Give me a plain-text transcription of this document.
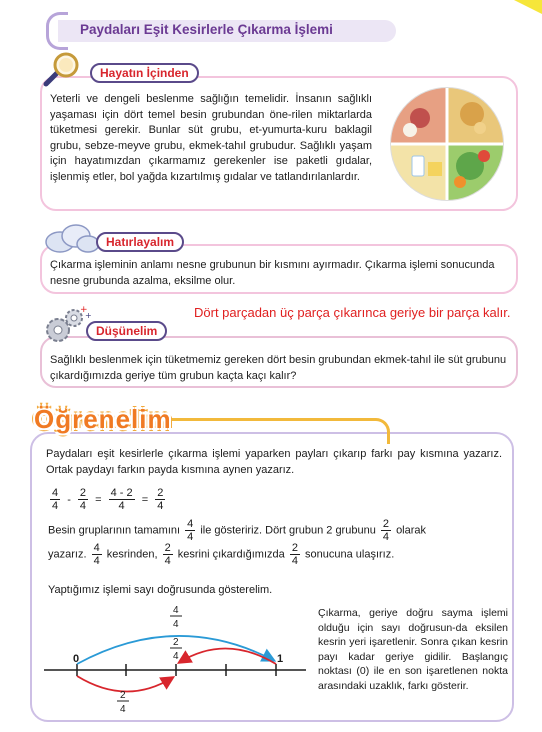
Paydaları Eşit Kesirlerle Çıkarma İşlemi
Hayatın İçinden
Yeterli ve dengeli beslenme sağlığın temelidir. İnsanın sağlıklı yaşaması için dört temel besin grubundan öne-rilen miktarlarda tüketmesi gerekir. Bunlar süt grubu, et-yumurta-kuru baklagil grubu, sebze-meyve grubu, ekmek-tahıl grubudur. Sağlıklı yaşam için hayatımızdan çıkarmamız gerekenler ise paketli gıdalar, işlenmiş etler, bol yağda kızartılmış gıdalar ve tatlandırılanlardır.
Hatırlayalım
Çıkarma işleminin anlamı nesne grubunun bir kısmını ayırmadır. Çıkarma işlemi sonucunda nesne grubunda azalma, eksilme olur.
+
+
Düşünelim
Dört parçadan üç parça çıkarınca geriye bir parça kalır.
Sağlıklı beslenmek için tüketmemiz gereken dört besin grubundan ekmek-tahıl ile süt grubunu çıkardığımızda geriye tüm grubun kaçta kaçı kalır?
Öğrenelim
Paydaları eşit kesirlerle çıkarma işlemi yaparken payları çıkarıp farkı pay kısmına yazarız. Ortak paydayı farkın payda kısmına aynen yazarız.
$\frac{4}{4} - \frac{2}{4} = \frac{4 - 2}{4} = \frac{2}{4}$
Besin gruplarının tamamını $\frac{4}{4}$ ile gösteririz. Dört grubun 2 grubunu $\frac{2}{4}$ olarak
yazarız. $\frac{4}{4}$ kesrinden, $\frac{2}{4}$ kesrini çıkardığımızda $\frac{2}{4}$ sonucuna ulaşırız.
Yaptığımız işlemi sayı doğrusunda gösterelim.
0	1
4
4
2
4
2
4
Çıkarma, geriye doğru sayma işlemi olduğu için sayı doğrusun-da eksilen kesrin yeri işaretlenir. Sonra çıkan kesrin payı kadar geriye gidilir. Başlangıç noktası (0) ile en son işaretlenen nokta arasındaki uzaklık, farkı gösterir.
